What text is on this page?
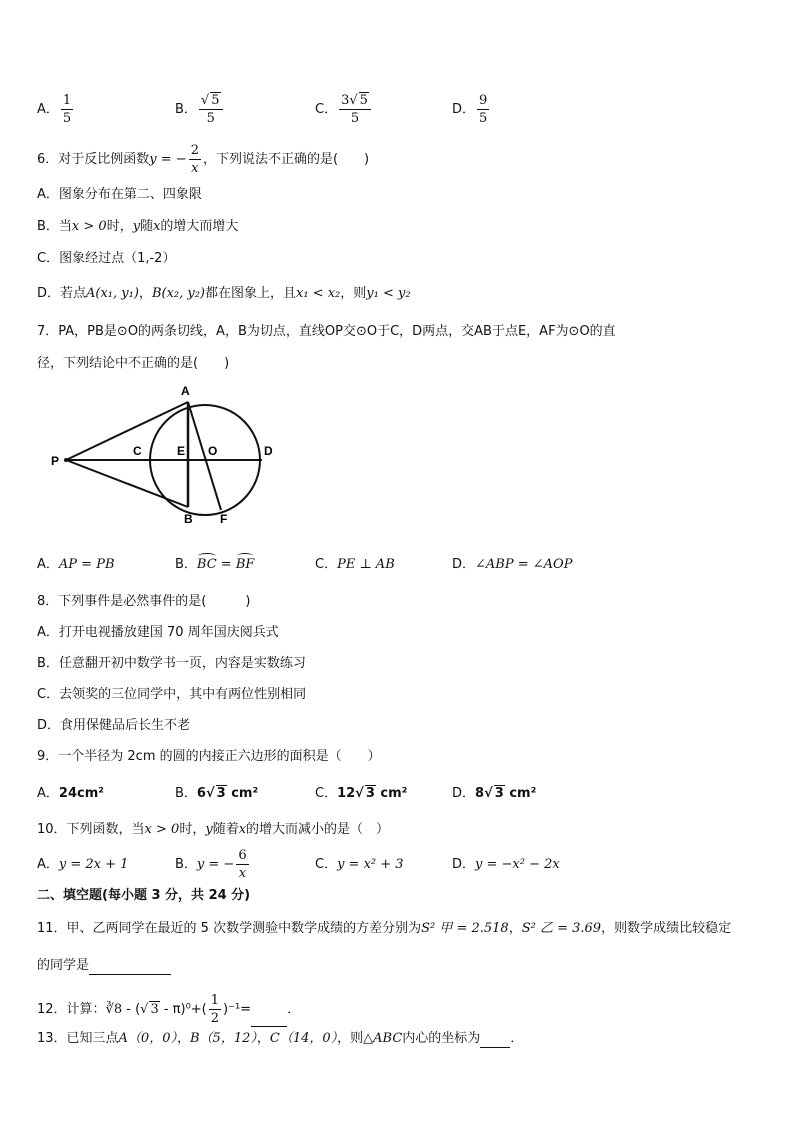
A． $\frac{1}{5}$	B． $\frac{√ 5}{5}$	C． $\frac{3√ 5}{5}$	D． $\frac{9}{5}$
6．对于反比例函数y = − $\frac{2}{x}$ ，下列说法不正确的是(　　)
A．图象分布在第二、四象限
B．当x > 0时，y随x的增大而增大
C．图象经过点（1,-2）
D．若点A(x₁, y₁)，B(x₂, y₂)都在图象上，且x₁ < x₂，则y₁ < y₂
7．PA，PB是⊙O的两条切线，A，B为切点，直线OP交⊙O于C，D两点，交AB于点E，AF为⊙O的直
径，下列结论中不正确的是(　　)
A
P
C	E O	D
B F
A．AP = PB	B．BC = BF	C．PE ⊥ AB	D．∠ABP = ∠AOP
8．下列事件是必然事件的是(　　　)
A．打开电视播放建国 70 周年国庆阅兵式
B．任意翻开初中数学书一页，内容是实数练习
C．去领奖的三位同学中，其中有两位性别相同
D．食用保健品后长生不老
9．一个半径为 2cm 的圆的内接正六边形的面积是（　　）
A．24cm²	B．6√ 3 cm²	C．12√ 3 cm²	D．8√ 3 cm²
10．下列函数，当x > 0时，y随着x的增大而减小的是（　）
A．y = 2x + 1	B．y = − $\frac{6}{x}$	C．y = x² + 3	D．y = −x² − 2x
二、填空题(每小题 3 分，共 24 分)
11．甲、乙两同学在最近的 5 次数学测验中数学成绩的方差分别为S² 甲 = 2.518，S² 乙 = 3.69，则数学成绩比较稳定
的同学是
12．计算：∛8 - (√ $3 - \pi)^0+( \frac{1}{2} )^{-1}=$	．
13．已知三点A（0，0），B（5，12），C（14，0），则△ABC内心的坐标为 ．
